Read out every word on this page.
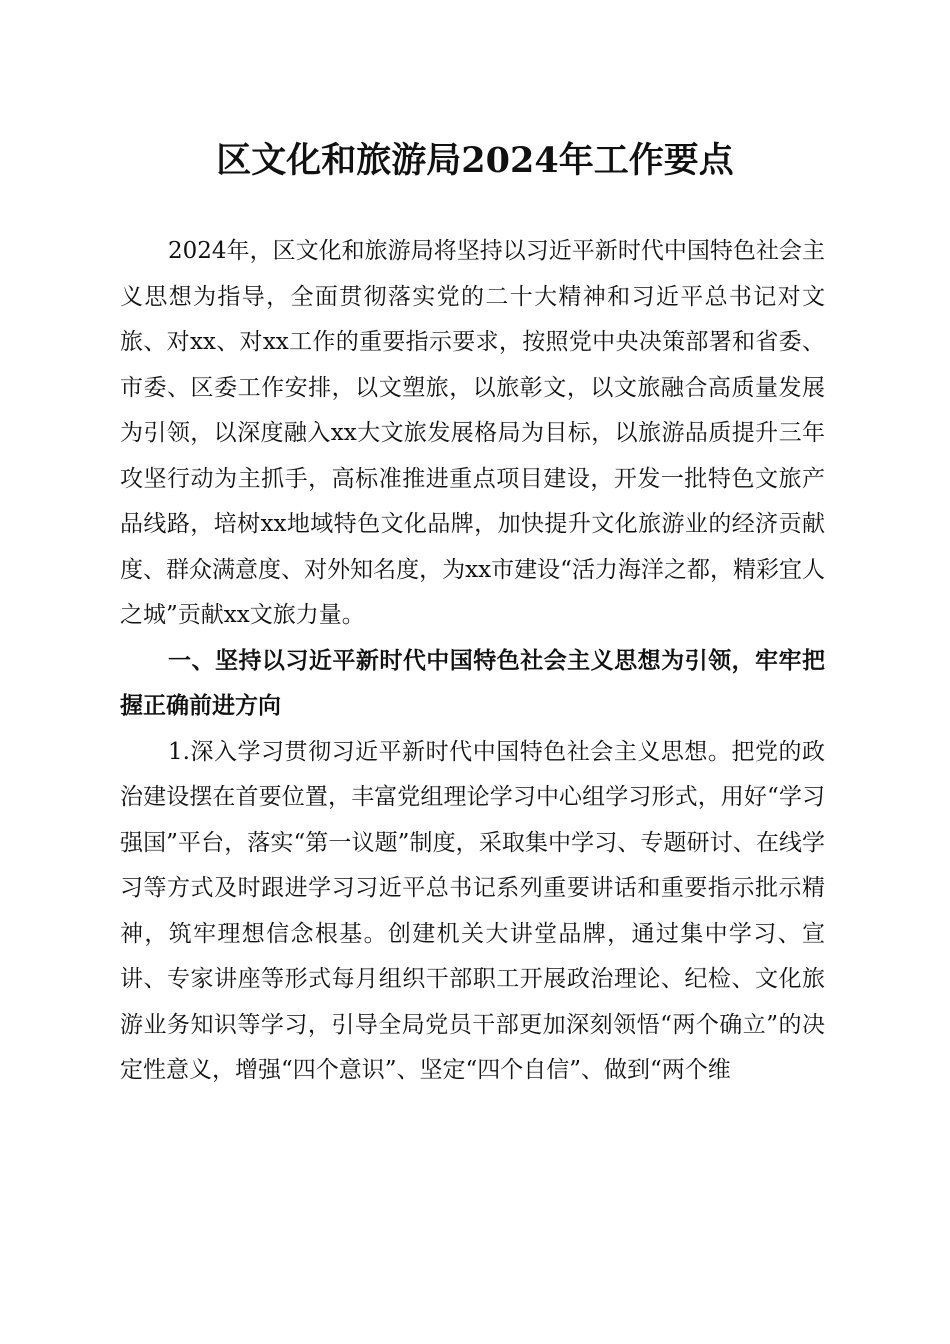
区文化和旅游局2024年工作要点

2024年，区文化和旅游局将坚持以习近平新时代中国特色社会主义思想为指导，全面贯彻落实党的二十大精神和习近平总书记对文旅、对xx、对xx工作的重要指示要求，按照党中央决策部署和省委、市委、区委工作安排，以文塑旅，以旅彰文，以文旅融合高质量发展为引领，以深度融入xx大文旅发展格局为目标，以旅游品质提升三年攻坚行动为主抓手，高标准推进重点项目建设，开发一批特色文旅产品线路，培树xx地域特色文化品牌，加快提升文化旅游业的经济贡献度、群众满意度、对外知名度，为xx市建设“活力海洋之都，精彩宜人之城”贡献xx文旅力量。

一、坚持以习近平新时代中国特色社会主义思想为引领，牢牢把握正确前进方向

1.深入学习贯彻习近平新时代中国特色社会主义思想。把党的政治建设摆在首要位置，丰富党组理论学习中心组学习形式，用好“学习强国”平台，落实“第一议题”制度，采取集中学习、专题研讨、在线学习等方式及时跟进学习习近平总书记系列重要讲话和重要指示批示精神，筑牢理想信念根基。创建机关大讲堂品牌，通过集中学习、宣讲、专家讲座等形式每月组织干部职工开展政治理论、纪检、文化旅游业务知识等学习，引导全局党员干部更加深刻领悟“两个确立”的决定性意义，增强“四个意识”、坚定“四个自信”、做到“两个维
